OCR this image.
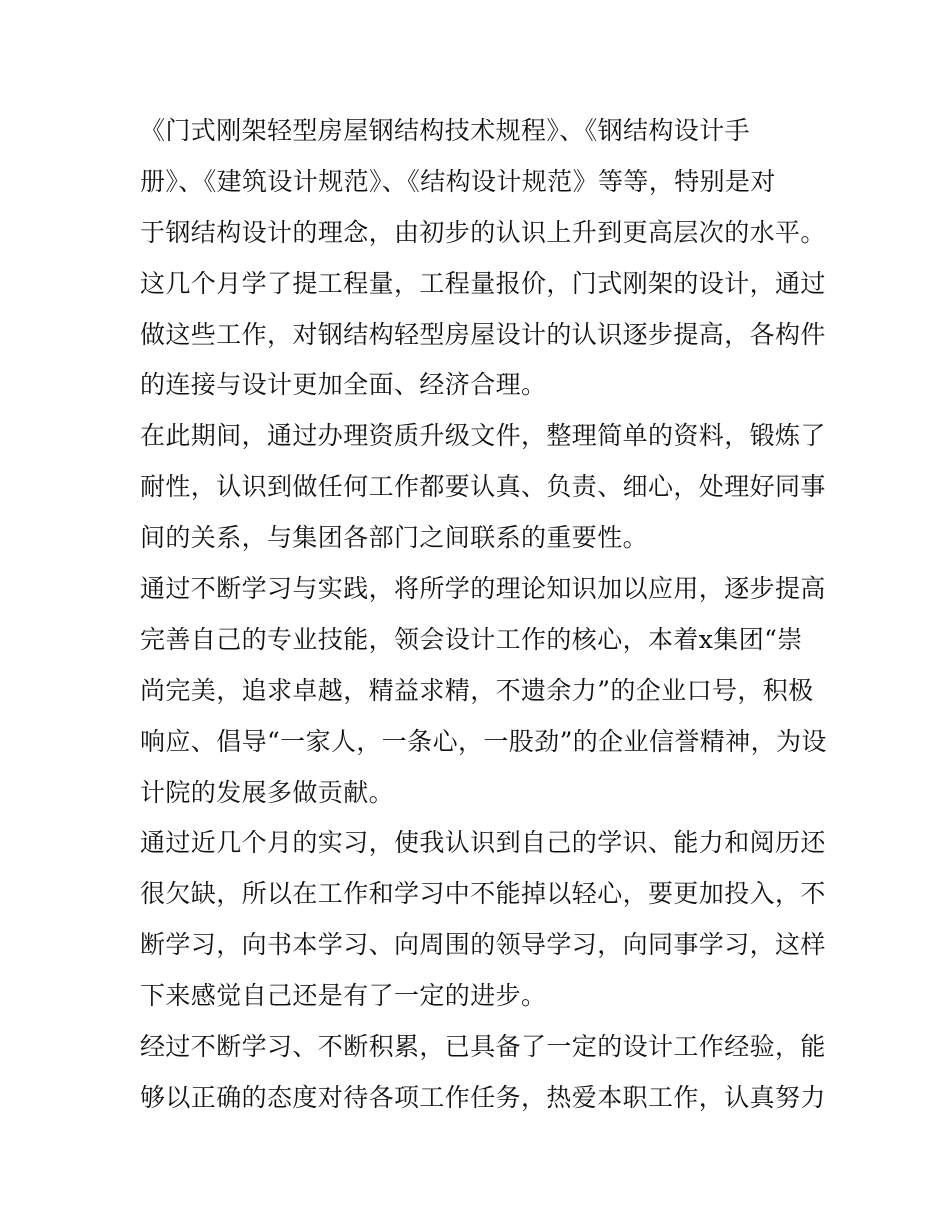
《门式刚架轻型房屋钢结构技术规程》、《钢结构设计手
册》、《建筑设计规范》、《结构设计规范》等等，特别是对
于钢结构设计的理念，由初步的认识上升到更高层次的水平。
这几个月学了提工程量，工程量报价，门式刚架的设计，通过
做这些工作，对钢结构轻型房屋设计的认识逐步提高，各构件
的连接与设计更加全面、经济合理。
在此期间，通过办理资质升级文件，整理简单的资料，锻炼了
耐性，认识到做任何工作都要认真、负责、细心，处理好同事
间的关系，与集团各部门之间联系的重要性。
通过不断学习与实践，将所学的理论知识加以应用，逐步提高
完善自己的专业技能，领会设计工作的核心，本着x集团“崇
尚完美，追求卓越，精益求精，不遗余力”的企业口号，积极
响应、倡导“一家人，一条心，一股劲”的企业信誉精神，为设
计院的发展多做贡献。
通过近几个月的实习，使我认识到自己的学识、能力和阅历还
很欠缺，所以在工作和学习中不能掉以轻心，要更加投入，不
断学习，向书本学习、向周围的领导学习，向同事学习，这样
下来感觉自己还是有了一定的进步。
经过不断学习、不断积累，已具备了一定的设计工作经验，能
够以正确的态度对待各项工作任务，热爱本职工作，认真努力
